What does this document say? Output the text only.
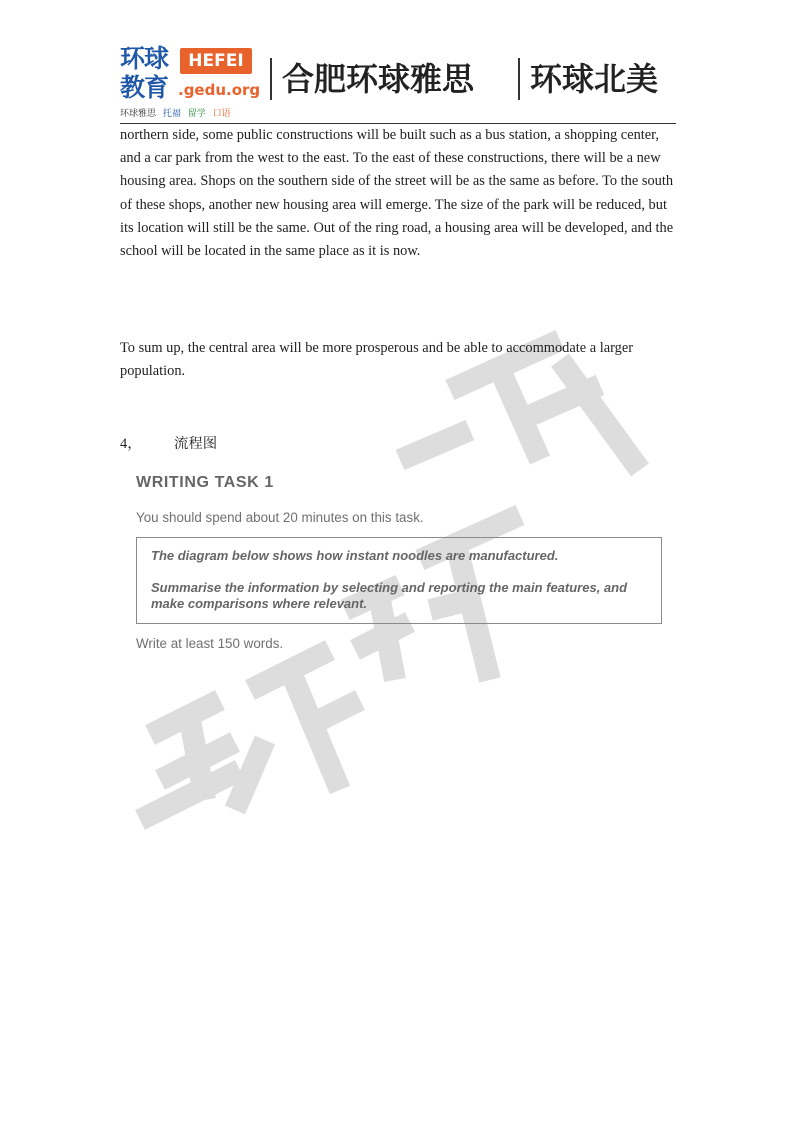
环球
教育
HEFEI
.gedu.org
环球雅思 托福 留学 口语
合肥环球雅思 环球北美

northern side, some public constructions will be built such as a bus station, a shopping center, and a car park from the west to the east. To the east of these constructions, there will be a new housing area. Shops on the southern side of the street will be as the same as before. To the south of these shops, another new housing area will emerge. The size of the park will be reduced, but its location will still be the same. Out of the ring road, a housing area will be developed, and the school will be located in the same place as it is now.

To sum up, the central area will be more prosperous and be able to accommodate a larger population.

4， 流程图
WRITING TASK 1
You should spend about 20 minutes on this task.

The diagram below shows how instant noodles are manufactured.

Summarise the information by selecting and reporting the main features, and make comparisons where relevant.

Write at least 150 words.
